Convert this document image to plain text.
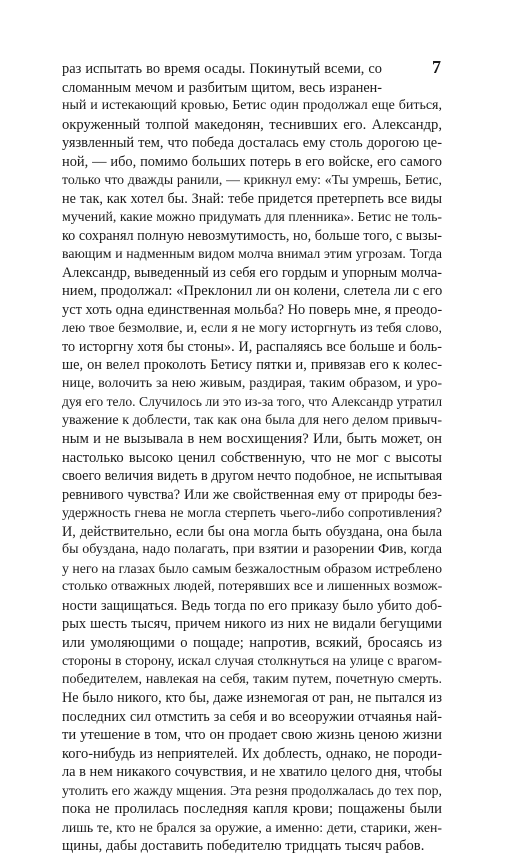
7
раз испытать во время осады. Покинутый всеми, со
сломанным мечом и разбитым щитом, весь изранен-
ный и истекающий кровью, Бетис один продолжал еще биться,
окруженный толпой македонян, теснивших его. Александр,
уязвленный тем, что победа досталась ему столь дорогою це-
ной, — ибо, помимо больших потерь в его войске, его самого
только что дважды ранили, — крикнул ему: «Ты умрешь, Бетис,
не так, как хотел бы. Знай: тебе придется претерпеть все виды
мучений, какие можно придумать для пленника». Бетис не толь-
ко сохранял полную невозмутимость, но, больше того, с вызы-
вающим и надменным видом молча внимал этим угрозам. Тогда
Александр, выведенный из себя его гордым и упорным молча-
нием, продолжал: «Преклонил ли он колени, слетела ли с его
уст хоть одна единственная мольба? Но поверь мне, я преодо-
лею твое безмолвие, и, если я не могу исторгнуть из тебя слово,
то исторгну хотя бы стоны». И, распаляясь все больше и боль-
ше, он велел проколоть Бетису пятки и, привязав его к колес-
нице, волочить за нею живым, раздирая, таким образом, и уро-
дуя его тело. Случилось ли это из-за того, что Александр утратил
уважение к доблести, так как она была для него делом привыч-
ным и не вызывала в нем восхищения? Или, быть может, он
настолько высоко ценил собственную, что не мог с высоты
своего величия видеть в другом нечто подобное, не испытывая
ревнивого чувства? Или же свойственная ему от природы без-
удержность гнева не могла стерпеть чьего-либо сопротивления?
И, действительно, если бы она могла быть обуздана, она была
бы обуздана, надо полагать, при взятии и разорении Фив, когда
у него на глазах было самым безжалостным образом истреблено
столько отважных людей, потерявших все и лишенных возмож-
ности защищаться. Ведь тогда по его приказу было убито доб-
рых шесть тысяч, причем никого из них не видали бегущими
или умоляющими о пощаде; напротив, всякий, бросаясь из
стороны в сторону, искал случая столкнуться на улице с врагом-
победителем, навлекая на себя, таким путем, почетную смерть.
Не было никого, кто бы, даже изнемогая от ран, не пытался из
последних сил отмстить за себя и во всеоружии отчаянья най-
ти утешение в том, что он продает свою жизнь ценою жизни
кого-нибудь из неприятелей. Их доблесть, однако, не породи-
ла в нем никакого сочувствия, и не хватило целого дня, чтобы
утолить его жажду мщения. Эта резня продолжалась до тех пор,
пока не пролилась последняя капля крови; пощажены были
лишь те, кто не брался за оружие, а именно: дети, старики, жен-
щины, дабы доставить победителю тридцать тысяч рабов.
